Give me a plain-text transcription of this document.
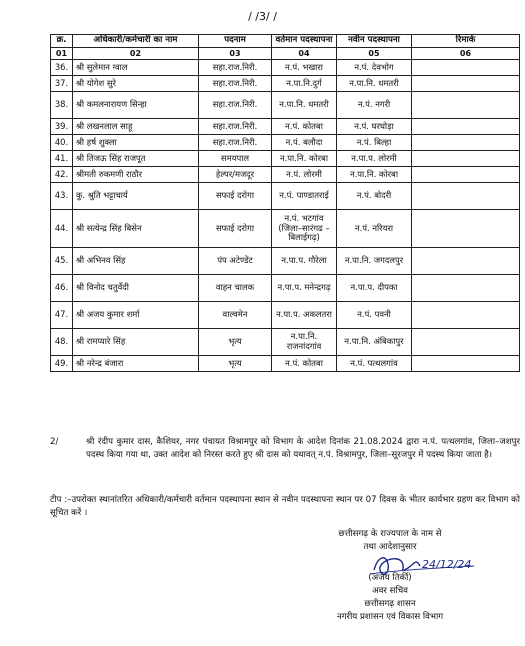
/ /3/ /
क्र.	अधिकारी/कर्मचारी का नाम	पदनाम	वर्तमान पदस्थापना	नवीन पदस्थापना	रिमार्क
01	02	03	04	05	06
36.	श्री सुलेमान ग्वाल	सहा.राज.निरी.	न.पं. भखारा	न.पं. देवभोग	
37.	श्री योगेश सुरे	सहा.राज.निरी.	न.पा.नि.दुर्ग	न.पा.नि. धमतरी	
38.	श्री कमलनारायण सिन्हा	सहा.राज.निरी.	न.पा.नि. धमतरी	न.पं. नगरी	
39.	श्री लखनलाल साहू	सहा.राज.निरी.	न.पं. कोतबा	न.पं. घरघोड़ा	
40.	श्री हर्ष शुक्ला	सहा.राज.निरी.	न.पं. बलौदा	न.पं. बिल्हा	
41.	श्री तिजऊ सिंह राजपूत	समयपाल	न.पा.नि. कोरबा	न.पा.प. लोरमी	
42.	श्रीमती रुकमणी राठौर	हेल्पर/मजदूर	न.पं. लोरमी	न.पा.नि. कोरबा	
43.	कु. श्रुति भट्टाचार्य	सफाई दरोगा	न.पं. पाण्डातराई	न.पं. बोदरी	
44.	श्री सत्येन्द्र सिंह बिसेन	सफाई दरोगा	न.पं. भटगांव (जिला–सारंगढ –बिलाईगढ़)	न.पं. नरियरा	
45.	श्री अभिनव सिंह	पंप अटेण्डेंट	न.पा.प. गौरेला	न.पा.नि. जगदलपुर	
46.	श्री विनोद चतुर्वेदी	वाहन चालक	न.पा.प. मनेन्द्रगढ़	न.पा.प. दीपका	
47.	श्री अजय कुमार शर्मा	वाल्वमेन	न.पा.प. अकलतरा	न.पं. पवनी	
48.	श्री रामप्यारे सिंह	भृत्य	न.पा.नि. राजनांदगांव	न.पा.नि. अंबिकापुर	
49.	श्री नरेन्द्र बंजारा	भृत्य	न.पं. कोतबा	न.पं. पत्थलगांव	
2/	श्री रंदीप कुमार दास, कैशियर, नगर पंचायत विश्रामपुर को विभाग के आदेश दिनांक 21.08.2024 द्वारा न.पं. पत्थलगांव, जिला–जशपुर पदस्थ किया गया था, उक्त आदेश को निरस्त करते हुए श्री दास को यथावत् न.पं. विश्रामपुर, जिला–सूरजपुर में पदस्थ किया जाता है।
टीप :–उपरोक्त स्थानांतरित अधिकारी/कर्मचारी वर्तमान पदस्थापना स्थान से नवीन पदस्थापना स्थान पर 07 दिवस के भीतर कार्यभार ग्रहण कर विभाग को सूचित करें ।
छत्तीसगढ़ के राज्यपाल के नाम से
तथा आदेशानुसार
24/12/24
(अजय तिर्की)
अवर सचिव
छत्तीसगढ़ शासन
नगरीय प्रशासन एवं विकास विभाग
